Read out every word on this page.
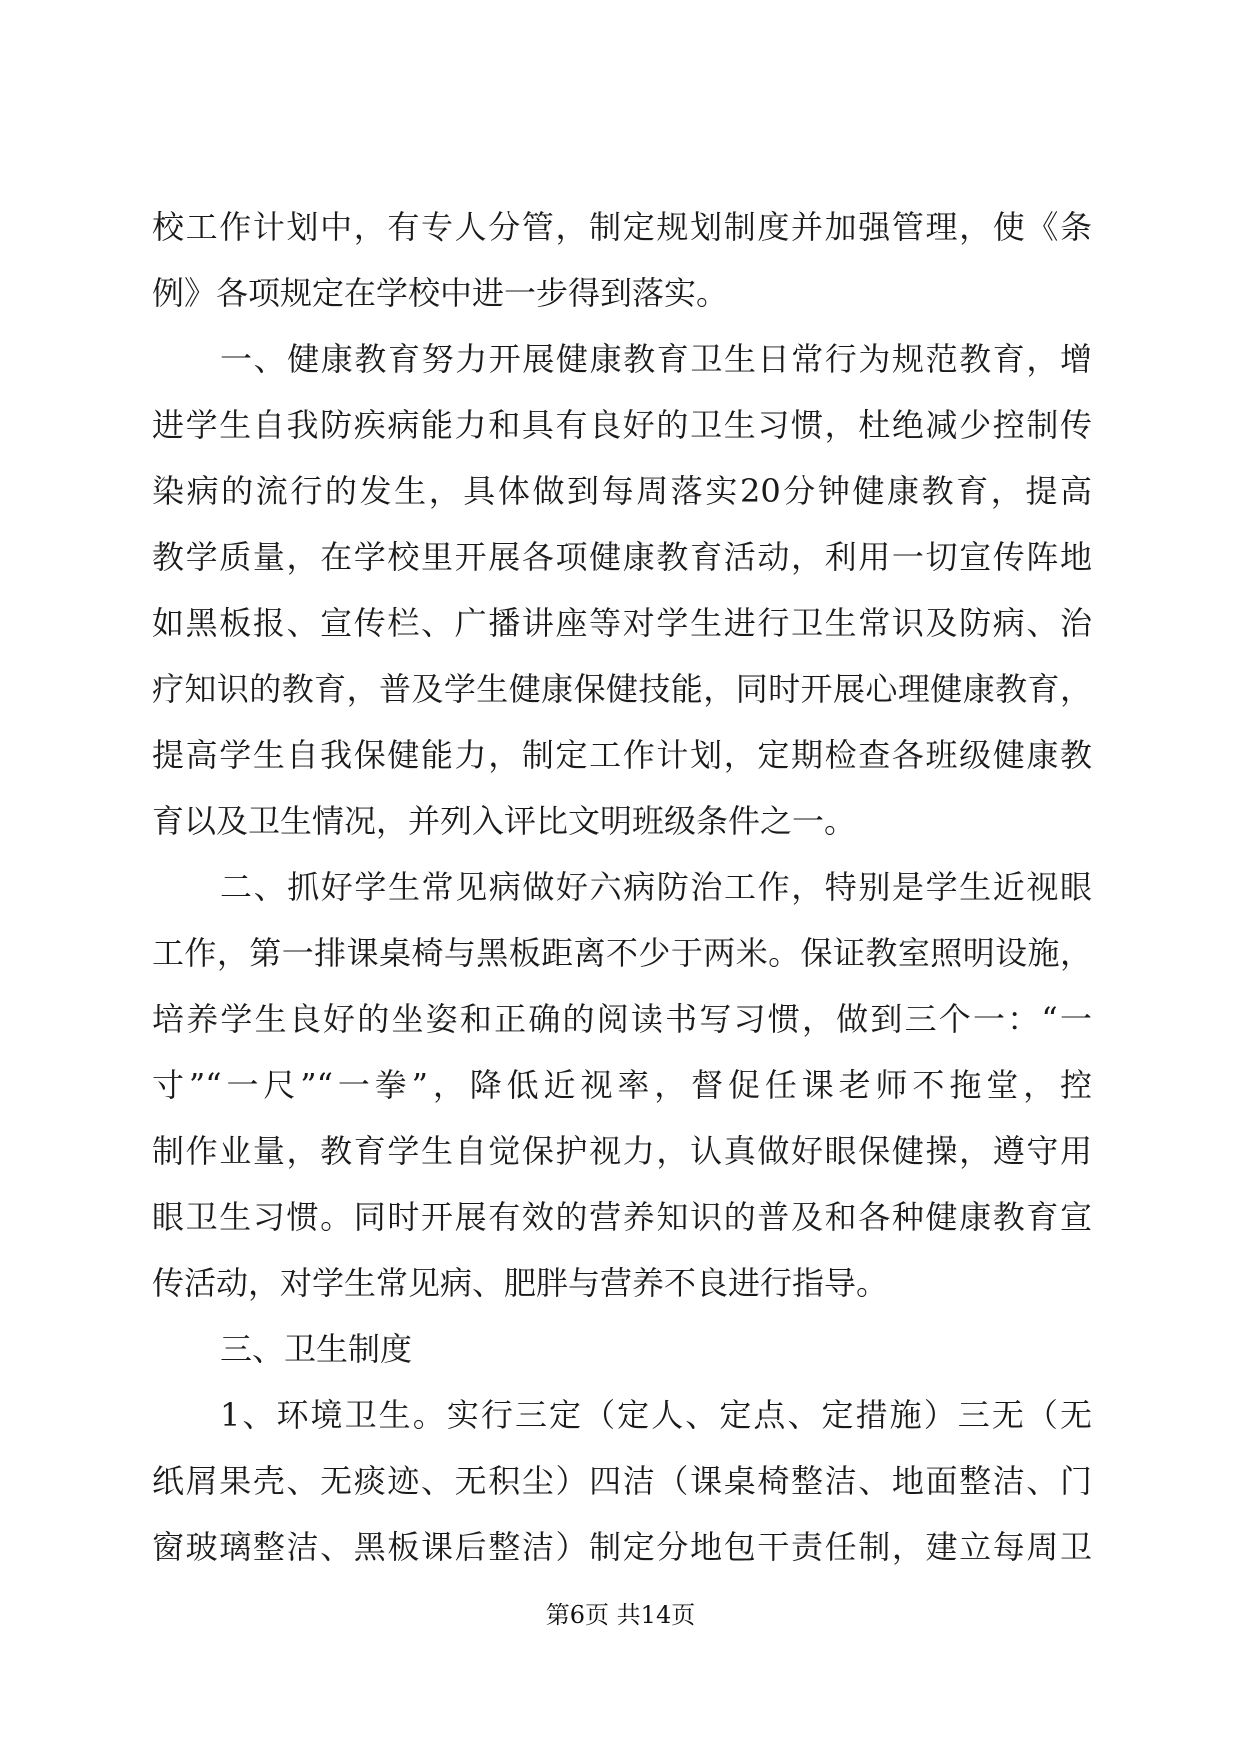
校工作计划中，有专人分管，制定规划制度并加强管理，使《条
例》各项规定在学校中进一步得到落实。
一、健康教育努力开展健康教育卫生日常行为规范教育，增
进学生自我防疾病能力和具有良好的卫生习惯，杜绝减少控制传
染病的流行的发生，具体做到每周落实20分钟健康教育，提高
教学质量，在学校里开展各项健康教育活动，利用一切宣传阵地
如黑板报、宣传栏、广播讲座等对学生进行卫生常识及防病、治
疗知识的教育，普及学生健康保健技能，同时开展心理健康教育，
提高学生自我保健能力，制定工作计划，定期检查各班级健康教
育以及卫生情况，并列入评比文明班级条件之一。
二、抓好学生常见病做好六病防治工作，特别是学生近视眼
工作，第一排课桌椅与黑板距离不少于两米。保证教室照明设施，
培养学生良好的坐姿和正确的阅读书写习惯，做到三个一：“一
寸”“一尺”“一拳”，降低近视率，督促任课老师不拖堂，控
制作业量，教育学生自觉保护视力，认真做好眼保健操，遵守用
眼卫生习惯。同时开展有效的营养知识的普及和各种健康教育宣
传活动，对学生常见病、肥胖与营养不良进行指导。
三、卫生制度
1、环境卫生。实行三定（定人、定点、定措施）三无（无
纸屑果壳、无痰迹、无积尘）四洁（课桌椅整洁、地面整洁、门
窗玻璃整洁、黑板课后整洁）制定分地包干责任制，建立每周卫
第6页 共14页
